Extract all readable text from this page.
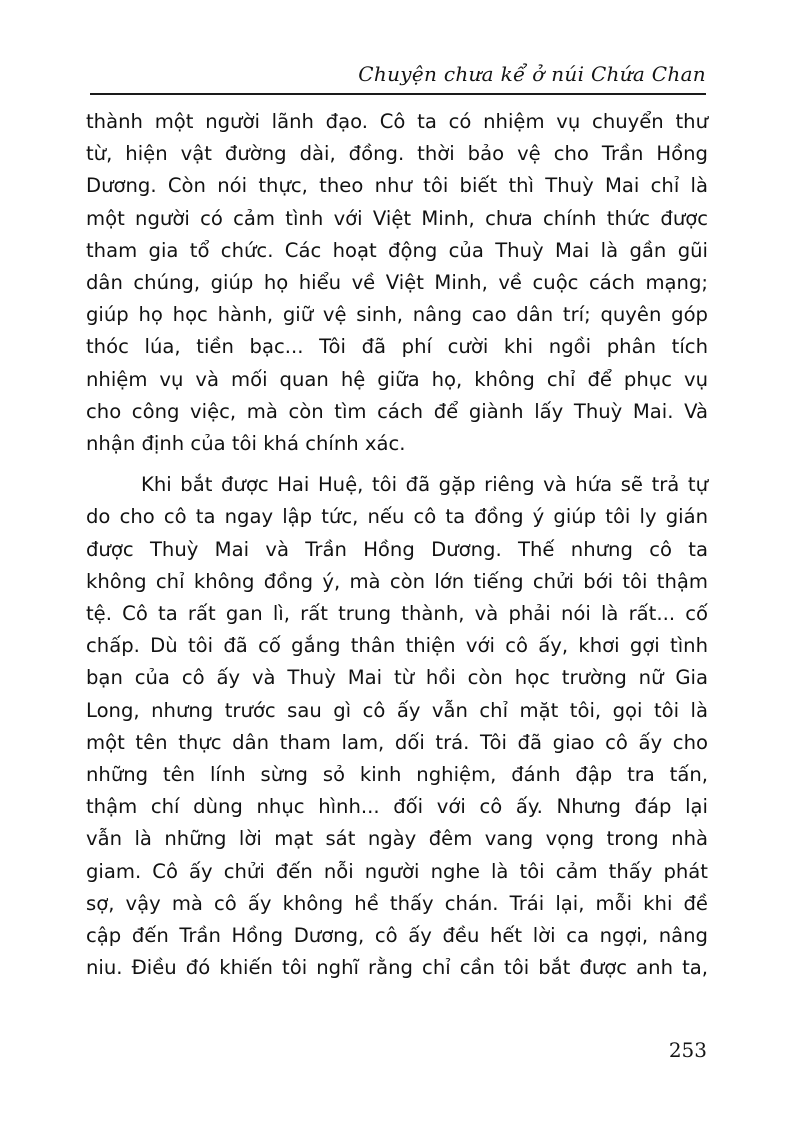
Chuyện chưa kể ở núi Chứa Chan
thành một người lãnh đạo. Cô ta có nhiệm vụ chuyển thư
từ, hiện vật đường dài, đồng. thời bảo vệ cho Trần Hồng
Dương. Còn nói thực, theo như tôi biết thì Thuỳ Mai chỉ là
một người có cảm tình với Việt Minh, chưa chính thức được
tham gia tổ chức. Các hoạt động của Thuỳ Mai là gần gũi
dân chúng, giúp họ hiểu về Việt Minh, về cuộc cách mạng;
giúp họ học hành, giữ vệ sinh, nâng cao dân trí; quyên góp
thóc lúa, tiền bạc... Tôi đã phí cười khi ngồi phân tích
nhiệm vụ và mối quan hệ giữa họ, không chỉ để phục vụ
cho công việc, mà còn tìm cách để giành lấy Thuỳ Mai. Và
nhận định của tôi khá chính xác.
Khi bắt được Hai Huệ, tôi đã gặp riêng và hứa sẽ trả tự
do cho cô ta ngay lập tức, nếu cô ta đồng ý giúp tôi ly gián
được Thuỳ Mai và Trần Hồng Dương. Thế nhưng cô ta
không chỉ không đồng ý, mà còn lớn tiếng chửi bới tôi thậm
tệ. Cô ta rất gan lì, rất trung thành, và phải nói là rất... cố
chấp. Dù tôi đã cố gắng thân thiện với cô ấy, khơi gợi tình
bạn của cô ấy và Thuỳ Mai từ hồi còn học trường nữ Gia
Long, nhưng trước sau gì cô ấy vẫn chỉ mặt tôi, gọi tôi là
một tên thực dân tham lam, dối trá. Tôi đã giao cô ấy cho
những tên lính sừng sỏ kinh nghiệm, đánh đập tra tấn,
thậm chí dùng nhục hình... đối với cô ấy. Nhưng đáp lại
vẫn là những lời mạt sát ngày đêm vang vọng trong nhà
giam. Cô ấy chửi đến nỗi người nghe là tôi cảm thấy phát
sợ, vậy mà cô ấy không hề thấy chán. Trái lại, mỗi khi đề
cập đến Trần Hồng Dương, cô ấy đều hết lời ca ngợi, nâng
niu. Điều đó khiến tôi nghĩ rằng chỉ cần tôi bắt được anh ta,
253
